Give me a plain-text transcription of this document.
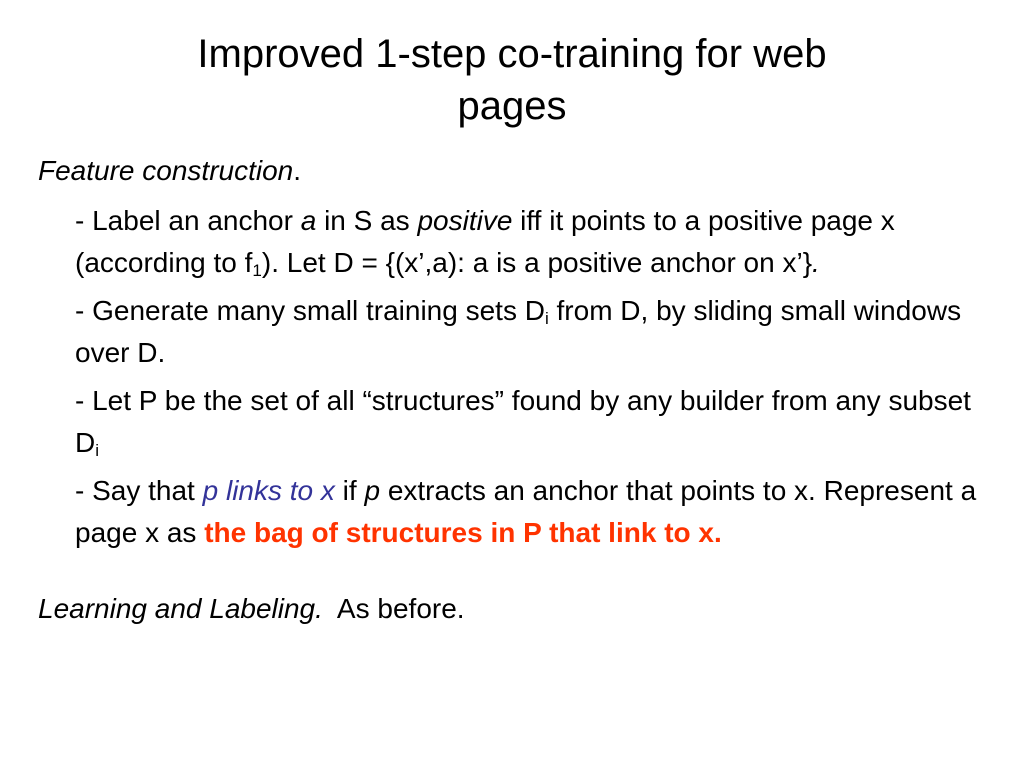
Improved 1-step co-training for web
pages
Feature construction.
- Label an anchor a in S as positive iff it points to a positive page x (according to $f_1$). Let D = {(x’,a): a is a positive anchor on x’}.
- Generate many small training sets $D_i$ from D, by sliding small windows over D.
- Let P be the set of all “structures” found by any builder from any subset $D_i$
- Say that p links to x if p extracts an anchor that points to x. Represent a page x as the bag of structures in P that link to x.
Learning and Labeling.  As before.
